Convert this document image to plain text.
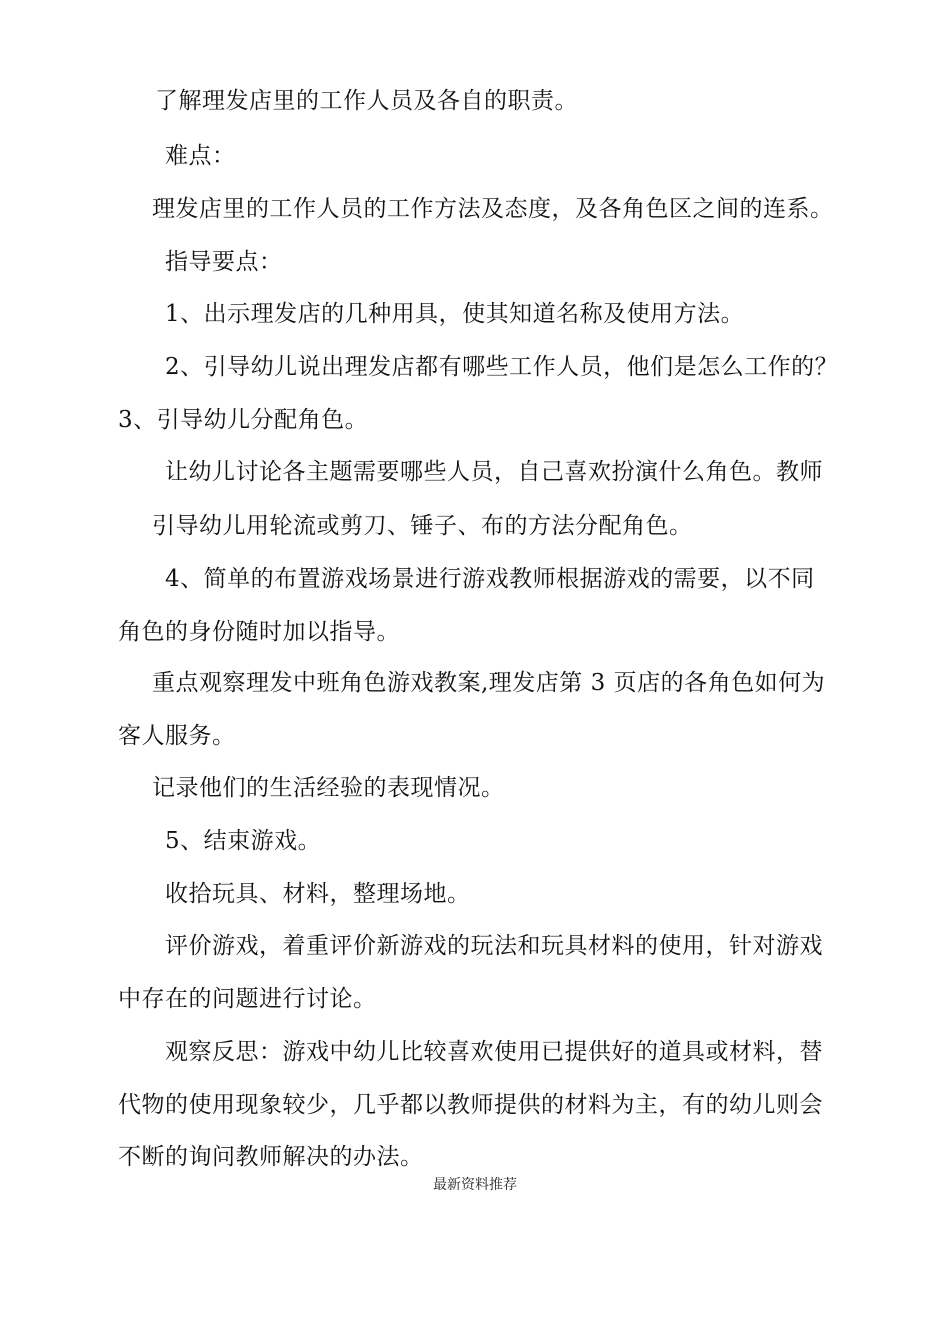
了解理发店里的工作人员及各自的职责。
难点：
理发店里的工作人员的工作方法及态度，及各角色区之间的连系。
指导要点：
1、出示理发店的几种用具，使其知道名称及使用方法。
2、引导幼儿说出理发店都有哪些工作人员，他们是怎么工作的？
3、引导幼儿分配角色。
让幼儿讨论各主题需要哪些人员，自己喜欢扮演什么角色。教师
引导幼儿用轮流或剪刀、锤子、布的方法分配角色。
4、简单的布置游戏场景进行游戏教师根据游戏的需要，以不同
角色的身份随时加以指导。
重点观察理发中班角色游戏教案,理发店第 3 页店的各角色如何为
客人服务。
记录他们的生活经验的表现情况。
5、结束游戏。
收拾玩具、材料，整理场地。
评价游戏，着重评价新游戏的玩法和玩具材料的使用，针对游戏
中存在的问题进行讨论。
观察反思：游戏中幼儿比较喜欢使用已提供好的道具或材料，替
代物的使用现象较少，几乎都以教师提供的材料为主，有的幼儿则会
不断的询问教师解决的办法。
最新资料推荐
